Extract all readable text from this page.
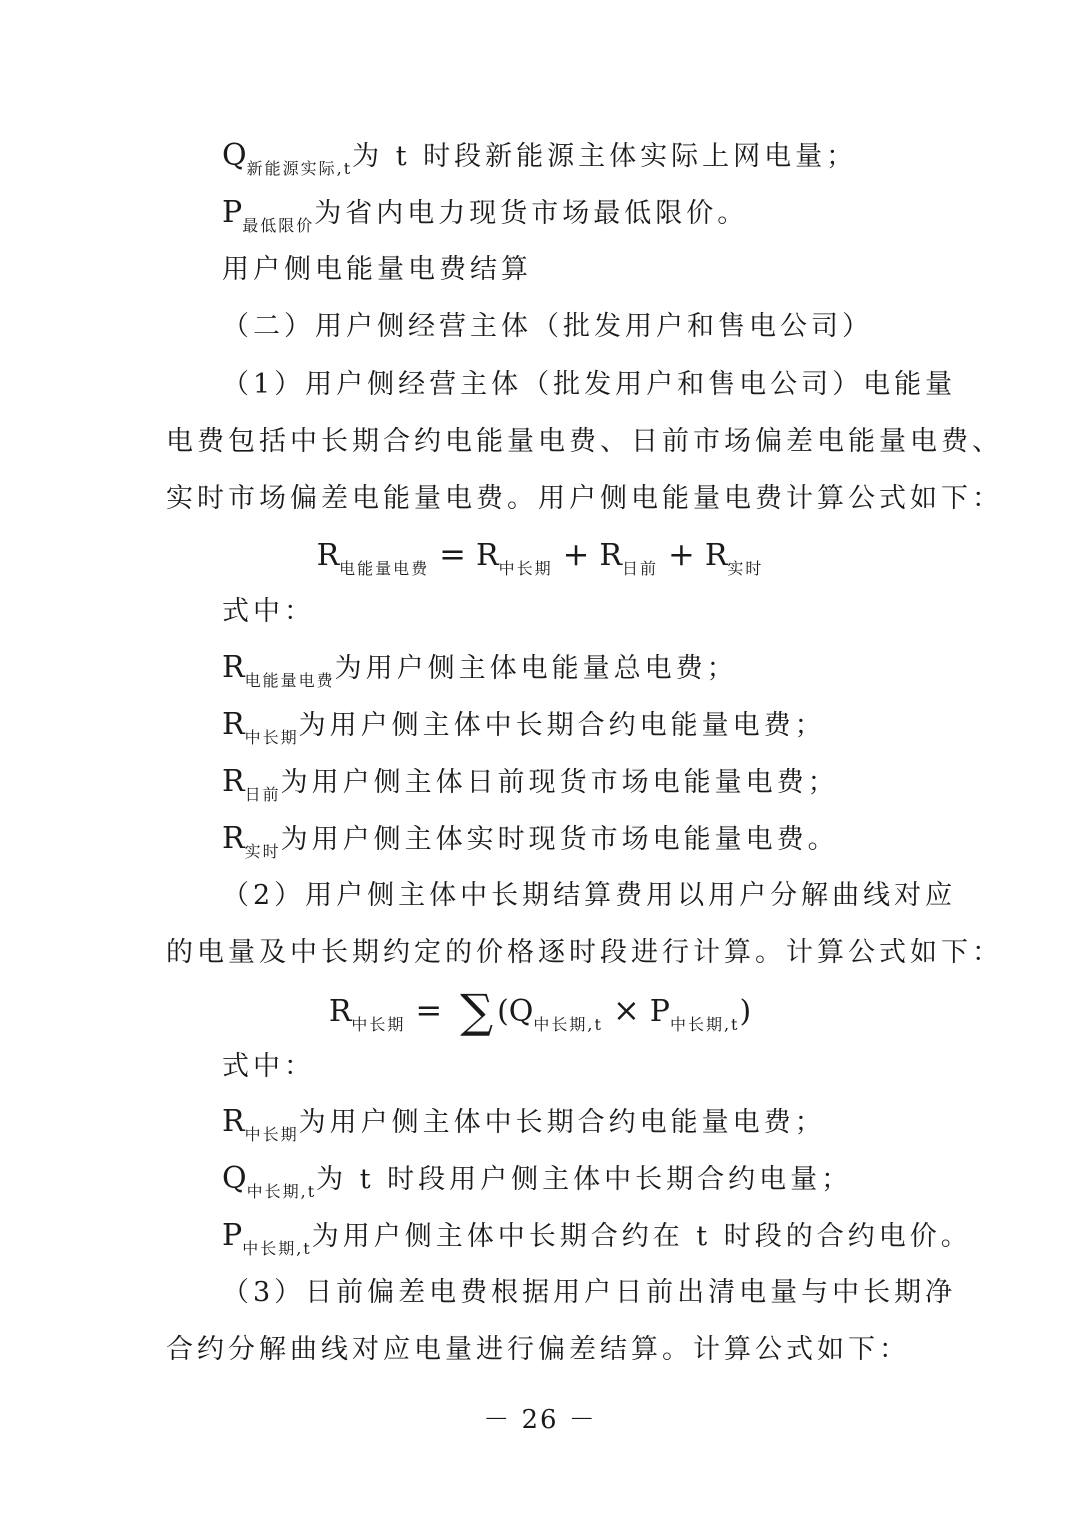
$Q_{新能源实际,t}$为 t 时段新能源主体实际上网电量；
$P_{最低限价}$为省内电力现货市场最低限价。
用户侧电能量电费结算
（二）用户侧经营主体（批发用户和售电公司）
（1）用户侧经营主体（批发用户和售电公司）电能量
电费包括中长期合约电能量电费、日前市场偏差电能量电费、
实时市场偏差电能量电费。用户侧电能量电费计算公式如下：
$R_{电能量电费} = R_{中长期} + R_{日前} + R_{实时}$
式中：
$R_{电能量电费}$为用户侧主体电能量总电费；
$R_{中长期}$为用户侧主体中长期合约电能量电费；
$R_{日前}$为用户侧主体日前现货市场电能量电费；
$R_{实时}$为用户侧主体实时现货市场电能量电费。
（2）用户侧主体中长期结算费用以用户分解曲线对应
的电量及中长期约定的价格逐时段进行计算。计算公式如下：
$R_{中长期}$ = ∑ $(Q_{中长期,t} \times P_{中长期,t})$
式中：
$R_{中长期}$为用户侧主体中长期合约电能量电费；
$Q_{中长期,t}$为 t 时段用户侧主体中长期合约电量；
$P_{中长期,t}$为用户侧主体中长期合约在 t 时段的合约电价。
（3）日前偏差电费根据用户日前出清电量与中长期净
合约分解曲线对应电量进行偏差结算。计算公式如下：
－ 26 －
